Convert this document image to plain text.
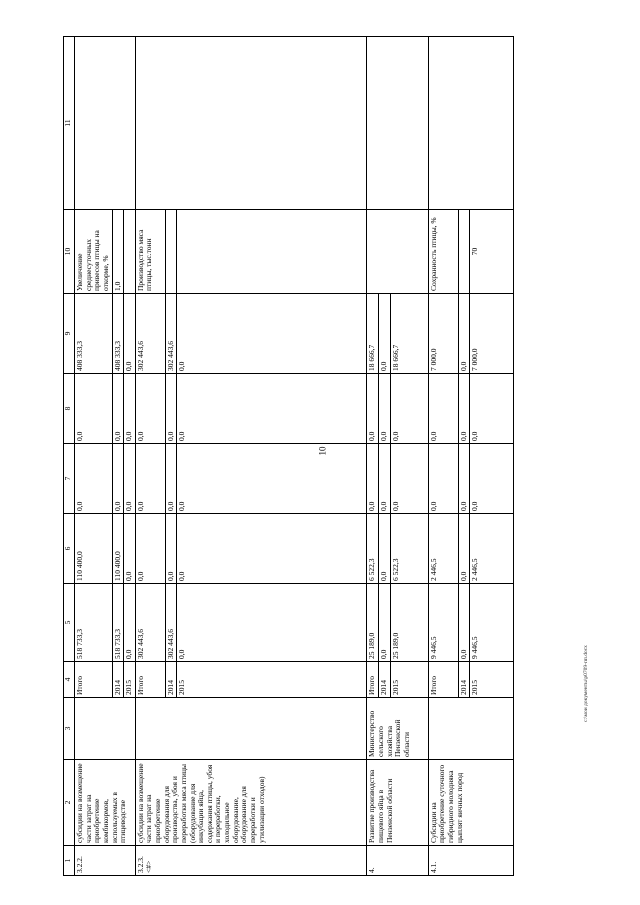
10
1	2	3	4	5	6	7	8	9	10	11
3.2.2.	субсидии на возмещение части затрат на приобретение комбикормов, используемых в птицеводстве		Итого	518 733,3	110 400,0	0,0	0,0	408 333,3	Увеличение среднесуточных привесов птицы на откорме, %	
			2014	518 733,3	110 400,0	0,0	0,0	408 333,3	1,0	
			2015	0,0	0,0	0,0	0,0	0,0		
3.2.3.<#>	субсидии на возмещение части затрат на приобретение оборудования для производства, убоя и переработки мяса птицы (оборудование для инкубации яйца, содержания птицы, убоя и переработки, холодильное оборудование, оборудование для переработки и утилизации отходов)		Итого	302 443,6	0,0	0,0	0,0	302 443,6	Производство мяса птицы, тыс.тонн	
			2014	302 443,6	0,0	0,0	0,0	302 443,6		
			2015	0,0	0,0	0,0	0,0	0,0		
4.	Развитие производства пищевого яйца в Пензенской области	Министерство сельского хозяйства Пензенской области	Итого	25 189,0	6 522,3	0,0	0,0	18 666,7		
			2014	0,0	0,0	0,0	0,0	0,0		
			2015	25 189,0	6 522,3	0,0	0,0	18 666,7		
4.1.	Субсидии на приобретение суточного гибридного молодняка цыплят яичных пород		Итого	9 446,5	2 446,5	0,0	0,0	7 000,0	Сохранность птицы, %	
			2014	0,0	0,0	0,0	0,0	0,0		
			2015	9 446,5	2 446,5	0,0	0,0	7 000,0	70	
c:\мои документы\p0709-пп.docx
